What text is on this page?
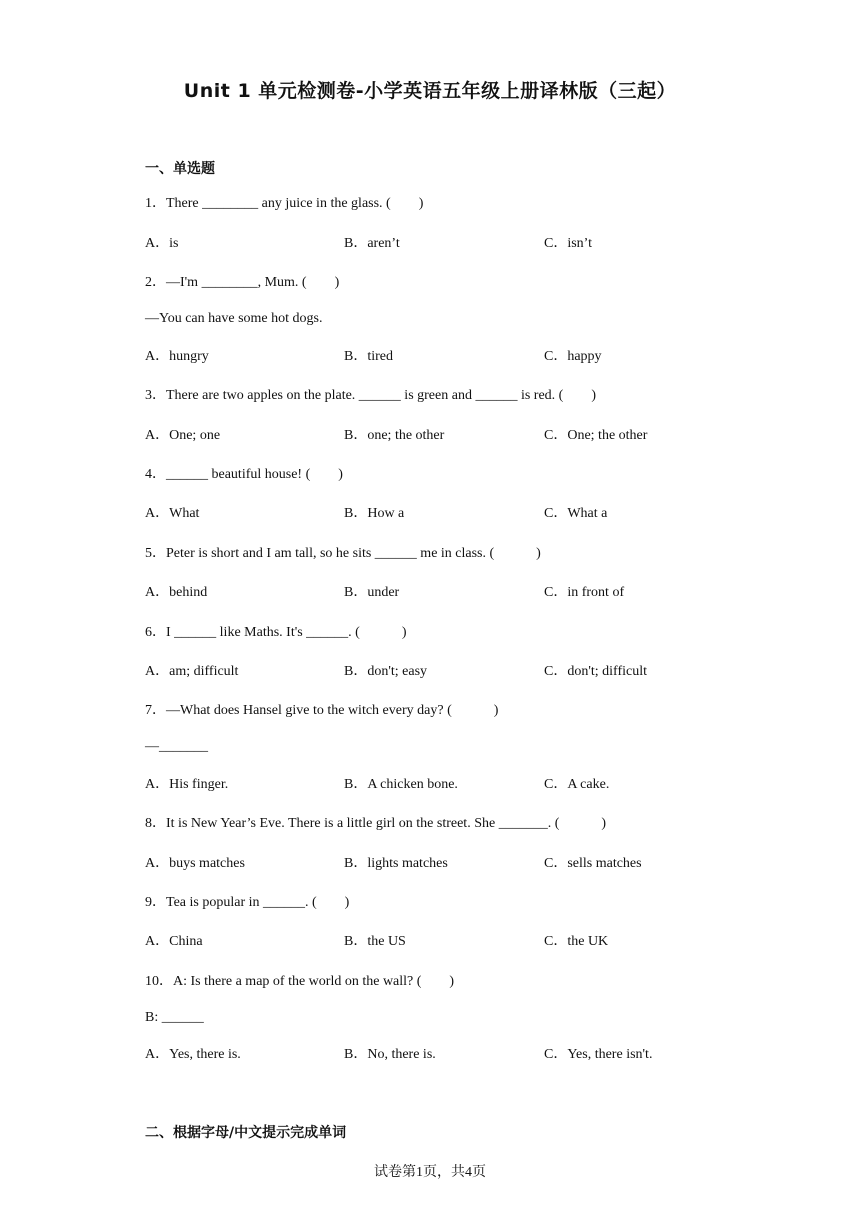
Unit 1 单元检测卷-小学英语五年级上册译林版（三起）
一、单选题
1．There ________ any juice in the glass. (        )
A．is	B．aren’t	C．isn’t
2．—I'm ________, Mum. (        )
—You can have some hot dogs.
A．hungry	B．tired	C．happy
3．There are two apples on the plate. ______ is green and ______ is red. (        )
A．One; one	B．one; the other	C．One; the other
4．______ beautiful house! (        )
A．What	B．How a	C．What a
5．Peter is short and I am tall, so he sits ______ me in class. (            )
A．behind	B．under	C．in front of
6．I ______ like Maths. It's ______. (            )
A．am; difficult	B．don't; easy	C．don't; difficult
7．—What does Hansel give to the witch every day? (            )
—_______
A．His finger.	B．A chicken bone.	C．A cake.
8．It is New Year’s Eve. There is a little girl on the street. She _______. (            )
A．buys matches	B．lights matches	C．sells matches
9．Tea is popular in ______. (        )
A．China	B．the US	C．the UK
10．A: Is there a map of the world on the wall? (        )
B: ______
A．Yes, there is.	B．No, there is.	C．Yes, there isn't.
二、根据字母/中文提示完成单词
试卷第1页，共4页
